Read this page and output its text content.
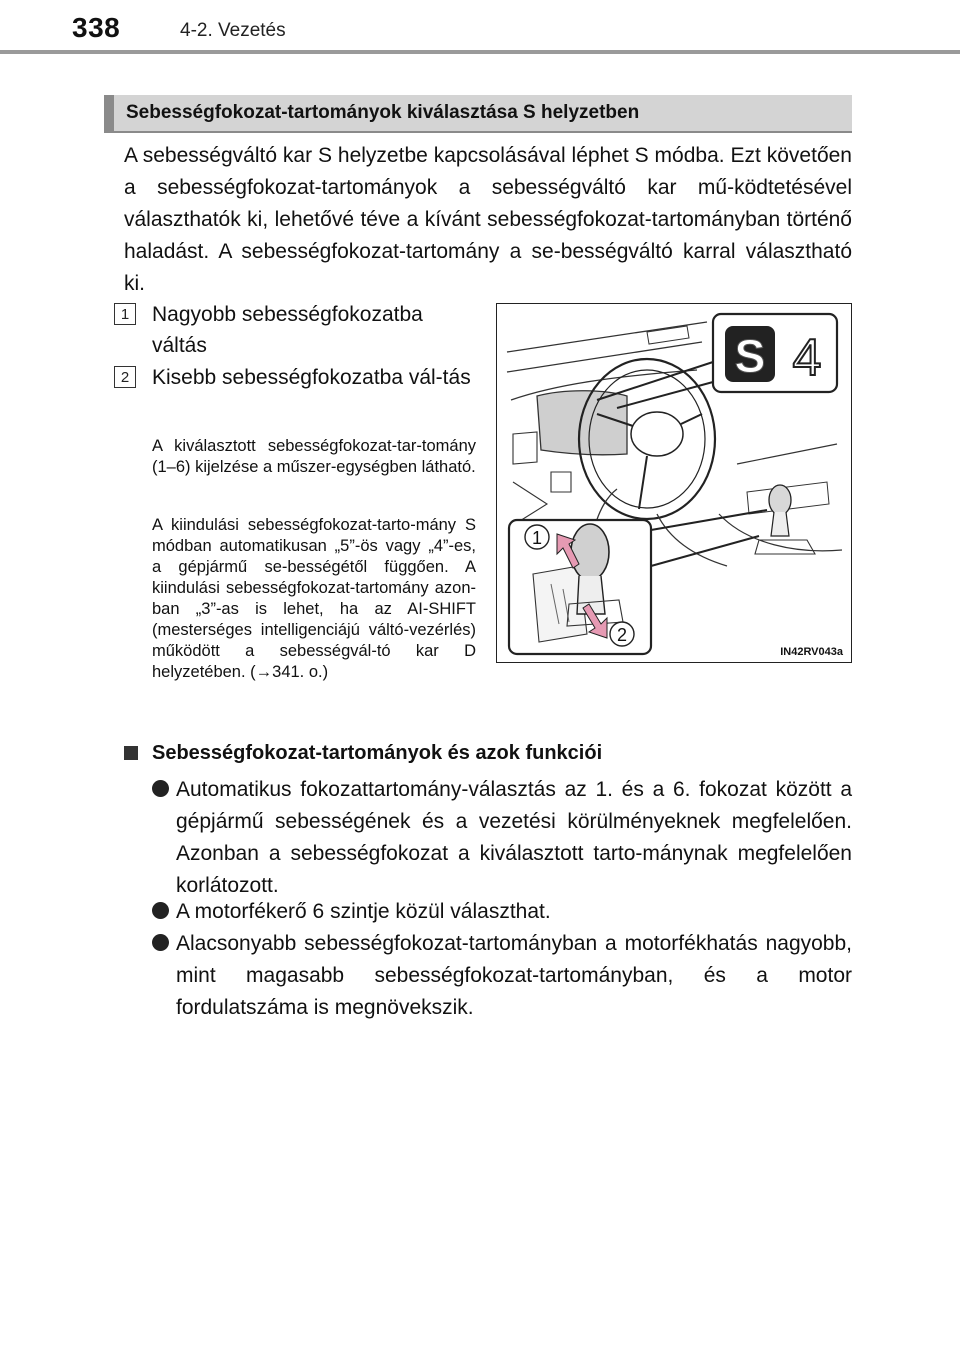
338	4-2. Vezetés
Sebességfokozat-tartományok kiválasztása S helyzetben

A sebességváltó kar S helyzetbe kapcsolásával léphet S módba. Ezt követően a sebességfokozat-tartományok a sebességváltó kar mű-ködtetésével választhatók ki, lehetővé téve a kívánt sebességfokozat-tartományban történő haladást. A sebességfokozat-tartomány a se-bességváltó karral választható ki.

1	Nagyobb sebességfokozatba váltás
2	Kisebb sebességfokozatba vál-tás

A kiválasztott sebességfokozat-tar-tomány (1–6) kijelzése a műszer-egységben látható.

A kiindulási sebességfokozat-tarto-mány S módban automatikusan „5”-ös vagy „4”-es, a gépjármű se-bességétől függően. A kiindulási sebességfokozat-tartomány azon-ban „3”-as is lehet, ha az AI-SHIFT (mesterséges intelligenciájú váltó-vezérlés) működött a sebességvál-tó kar D helyzetében. (→341. o.)

S 4
1
2
IN42RV043a
Sebességfokozat-tartományok és azok funkciói

Automatikus fokozattartomány-választás az 1. és a 6. fokozat között a gépjármű sebességének és a vezetési körülményeknek megfelelően. Azonban a sebességfokozat a kiválasztott tarto-mánynak megfelelően korlátozott.

A motorfékerő 6 szintje közül választhat.

Alacsonyabb sebességfokozat-tartományban a motorfékhatás nagyobb, mint magasabb sebességfokozat-tartományban, és a motor fordulatszáma is megnövekszik.
